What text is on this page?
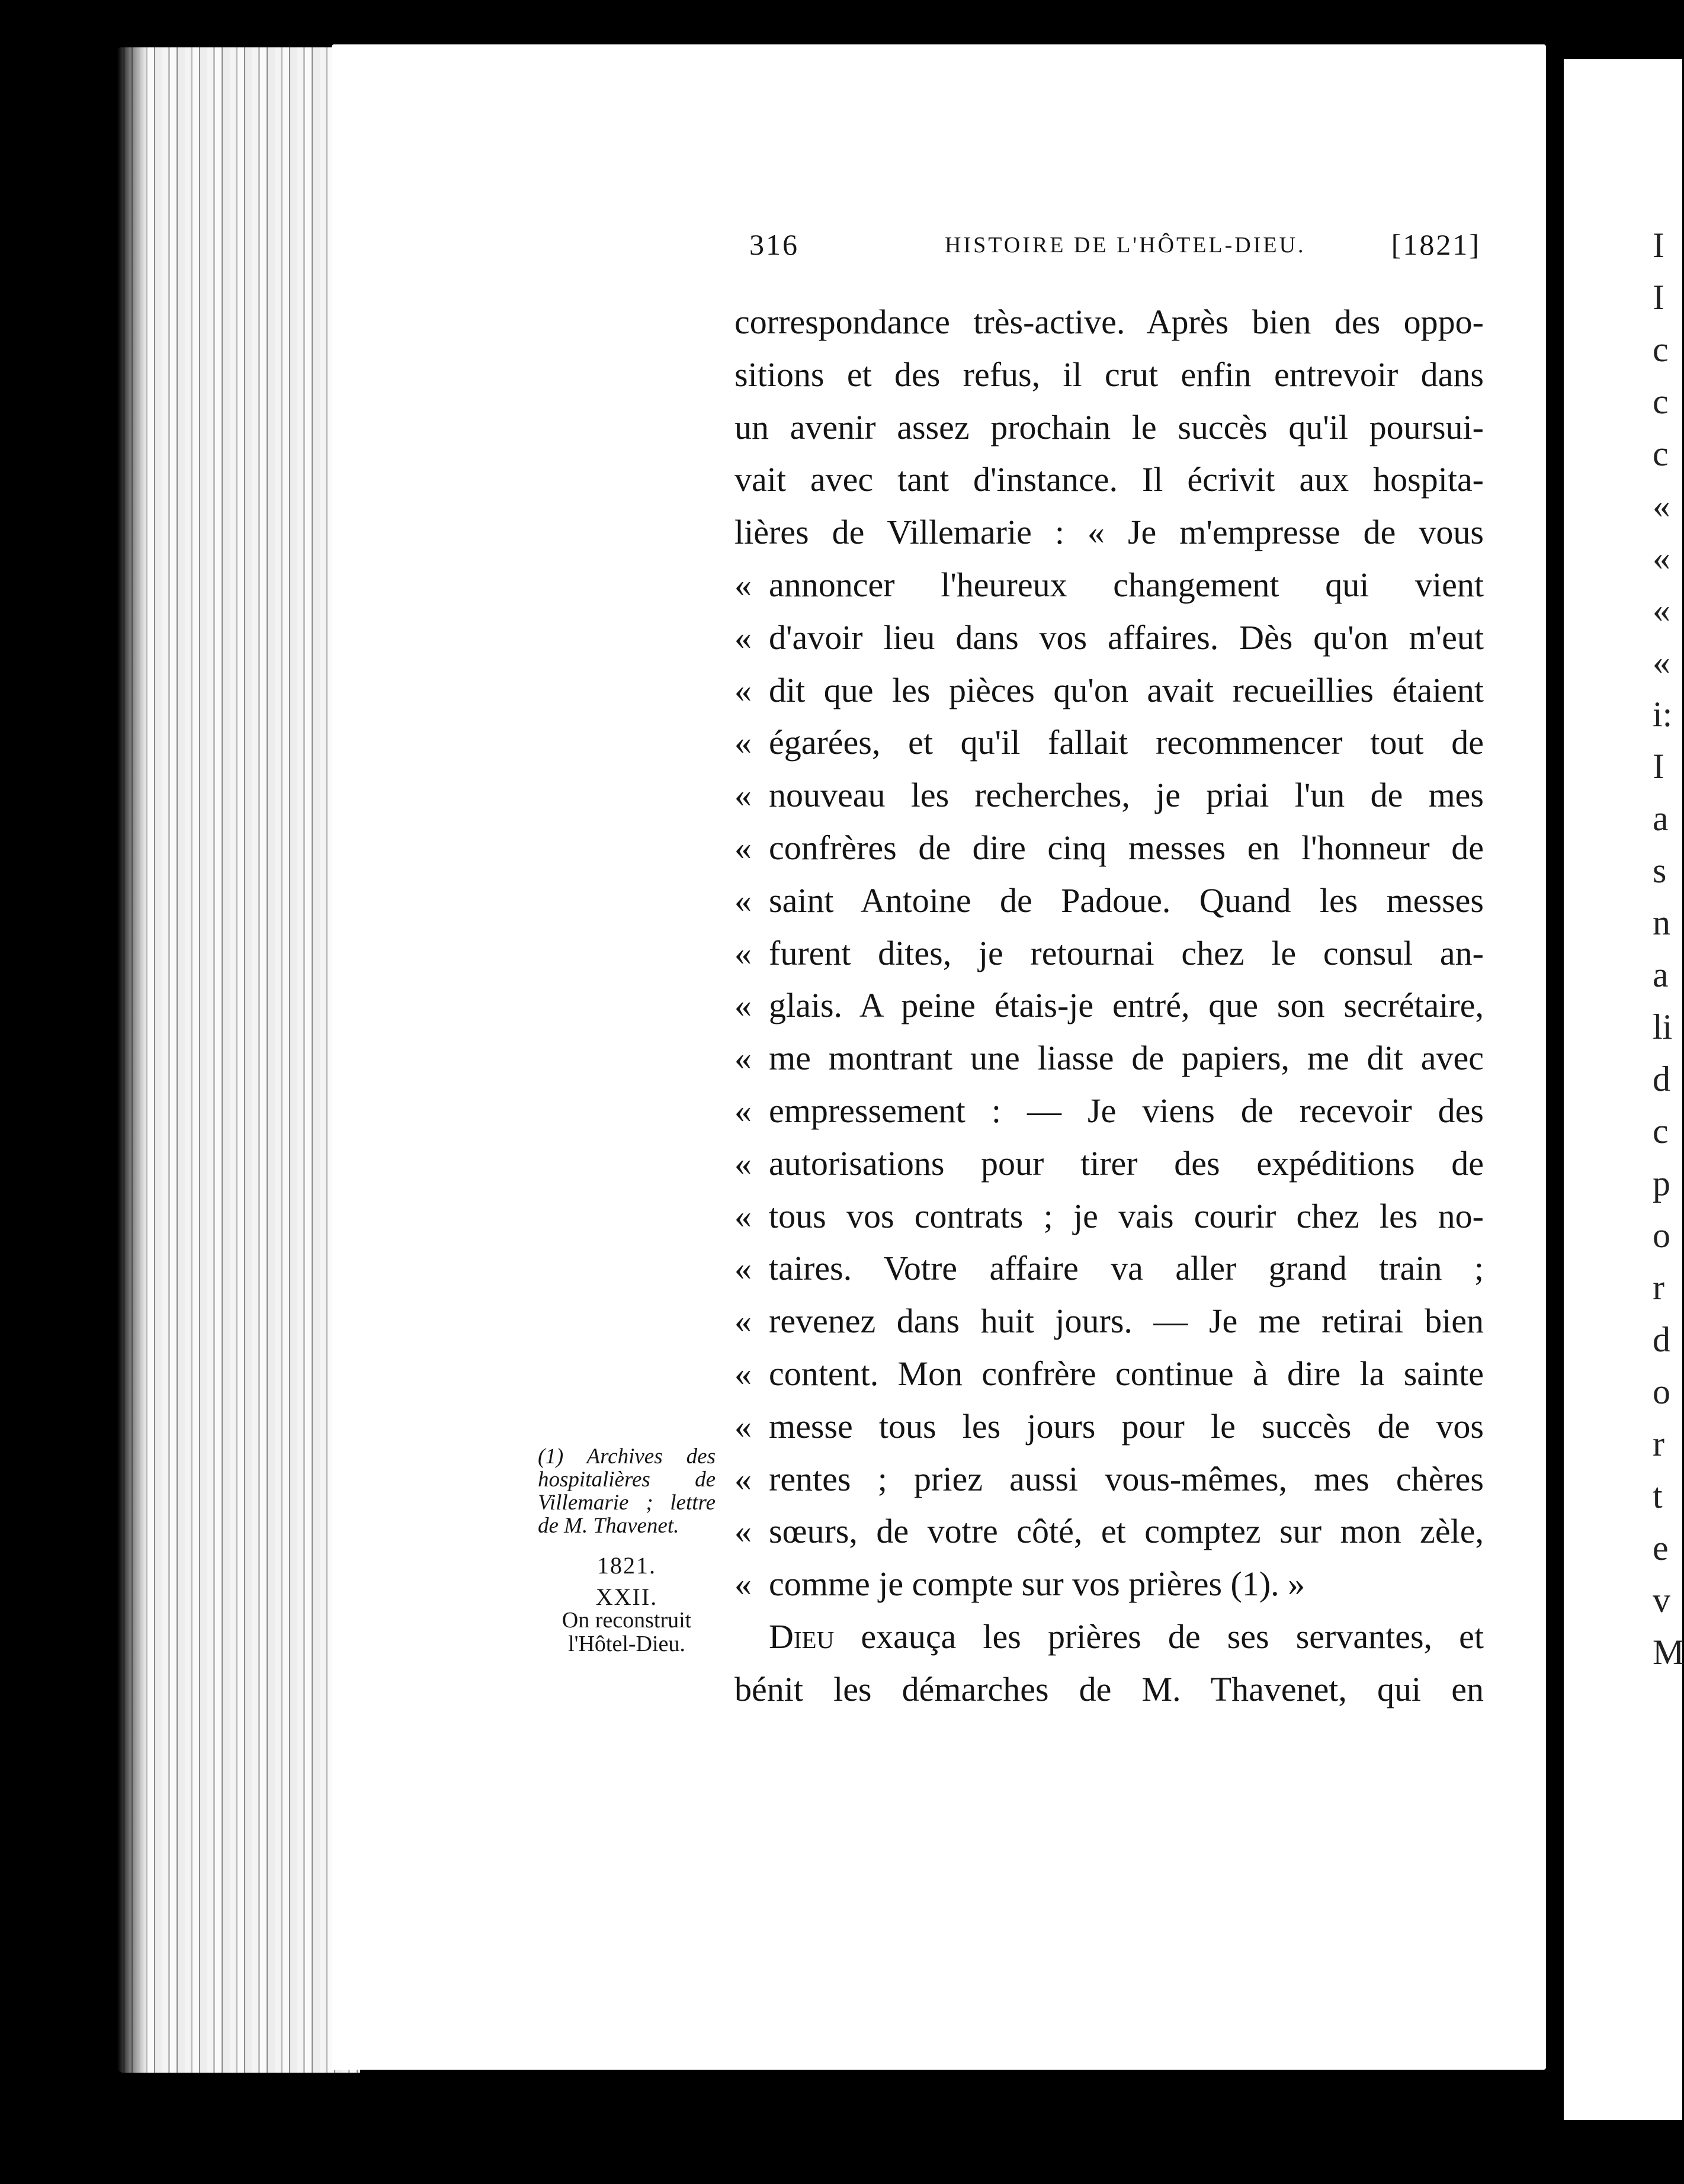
I
I
c
c
c
«
«
«
«
i:
I
a
s
n
a
li
d
c
p
o
r
d
o
r
t
e
v
M
316	HISTOIRE DE L'HÔTEL-DIEU.	[1821]
correspondance très-active. Après bien des oppo-
sitions et des refus, il crut enfin entrevoir dans
un avenir assez prochain le succès qu'il poursui-
vait avec tant d'instance. Il écrivit aux hospita-
lières de Villemarie : « Je m'empresse de vous
« annoncer l'heureux changement qui vient
« d'avoir lieu dans vos affaires. Dès qu'on m'eut
« dit que les pièces qu'on avait recueillies étaient
« égarées, et qu'il fallait recommencer tout de
« nouveau les recherches, je priai l'un de mes
« confrères de dire cinq messes en l'honneur de
« saint Antoine de Padoue. Quand les messes
« furent dites, je retournai chez le consul an-
« glais. A peine étais-je entré, que son secrétaire,
« me montrant une liasse de papiers, me dit avec
« empressement : — Je viens de recevoir des
« autorisations pour tirer des expéditions de
« tous vos contrats ; je vais courir chez les no-
« taires. Votre affaire va aller grand train ;
« revenez dans huit jours. — Je me retirai bien
« content. Mon confrère continue à dire la sainte
« messe tous les jours pour le succès de vos
« rentes ; priez aussi vous-mêmes, mes chères
« sœurs, de votre côté, et comptez sur mon zèle,
« comme je compte sur vos prières (1). »
Dieu exauça les prières de ses servantes, et
bénit les démarches de M. Thavenet, qui en
(1) Archives des hospitalières de Villemarie ; lettre de M. Thavenet.
1821.
XXII.
On reconstruit
l'Hôtel-Dieu.
